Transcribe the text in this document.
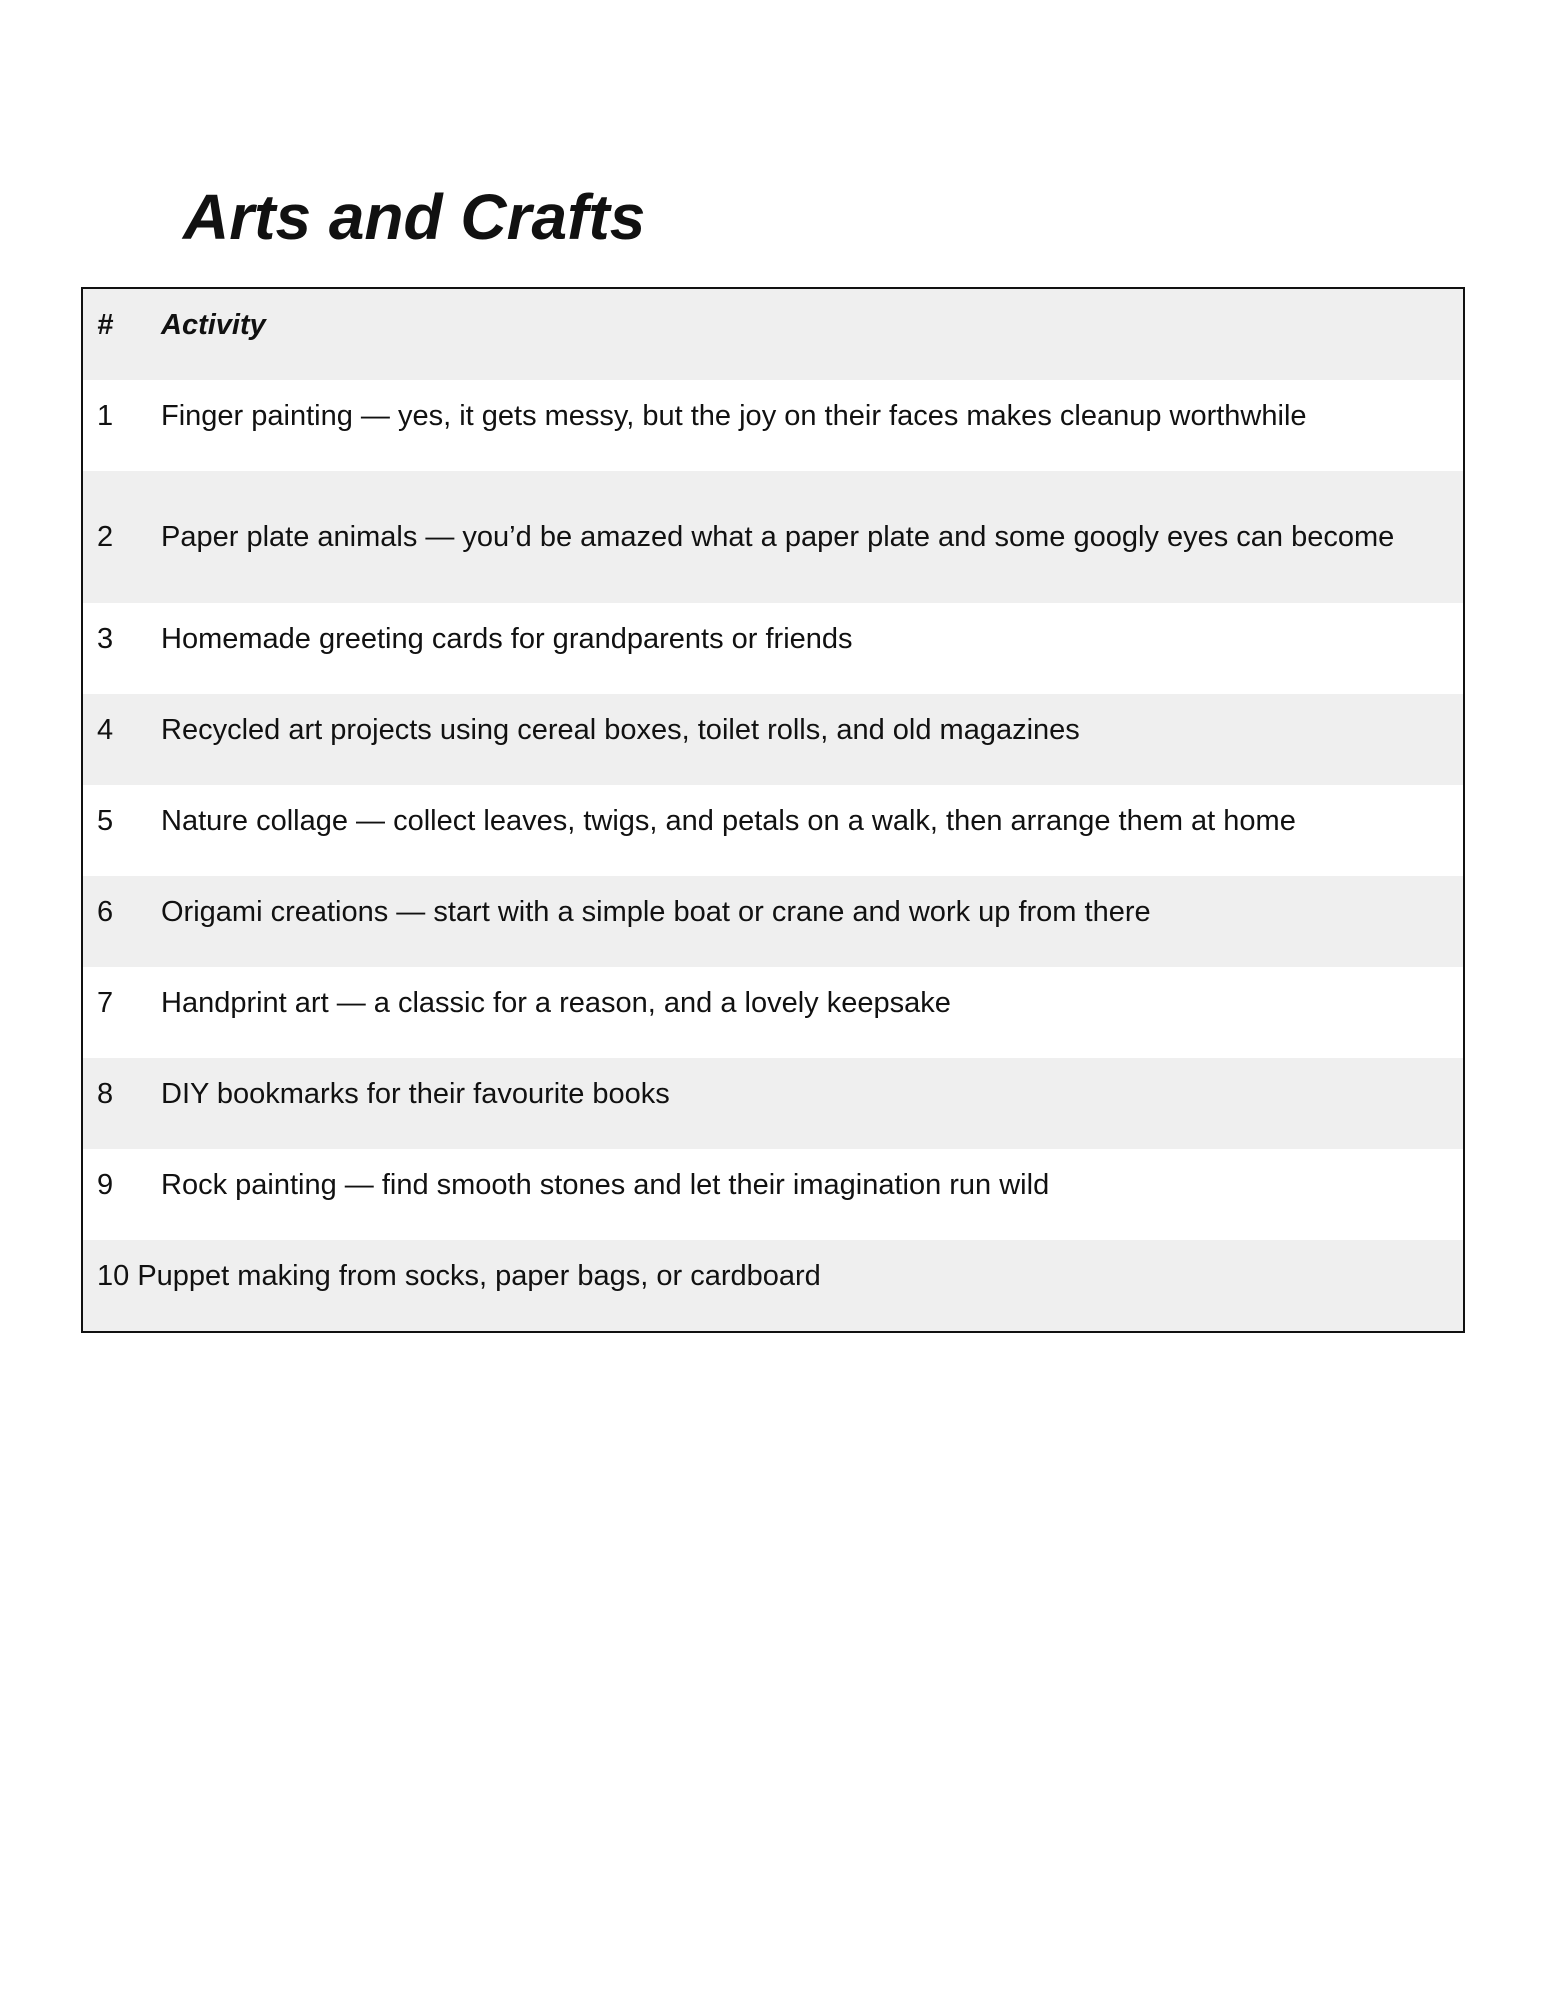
Arts and Crafts
#	Activity
1	Finger painting — yes, it gets messy, but the joy on their faces makes cleanup worthwhile
2	Paper plate animals — you’d be amazed what a paper plate and some googly eyes can become
3	Homemade greeting cards for grandparents or friends
4	Recycled art projects using cereal boxes, toilet rolls, and old magazines
5	Nature collage — collect leaves, twigs, and petals on a walk, then arrange them at home
6	Origami creations — start with a simple boat or crane and work up from there
7	Handprint art — a classic for a reason, and a lovely keepsake
8	DIY bookmarks for their favourite books
9	Rock painting — find smooth stones and let their imagination run wild
10 Puppet making from socks, paper bags, or cardboard
